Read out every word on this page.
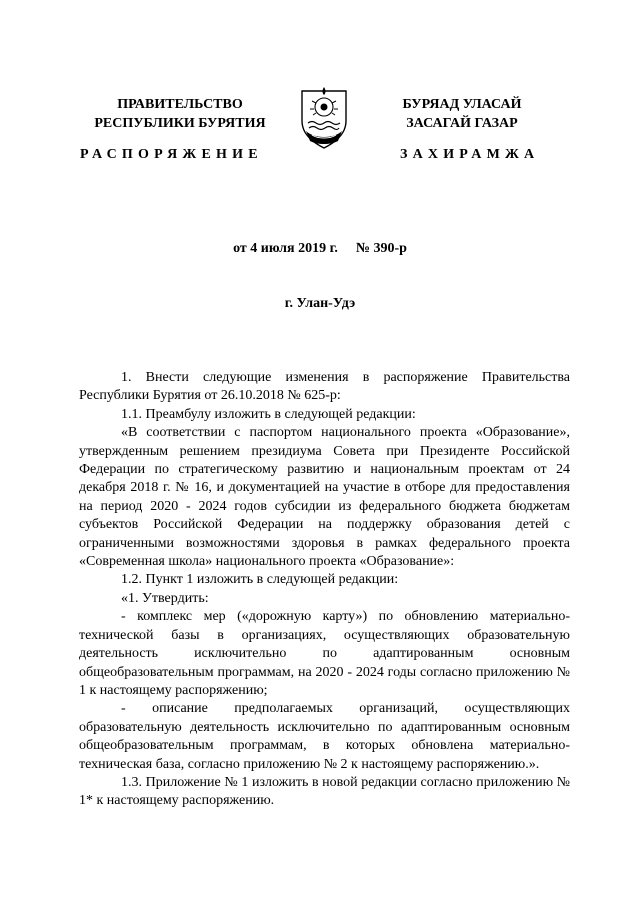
ПРАВИТЕЛЬСТВО
РЕСПУБЛИКИ БУРЯТИЯ
РАСПОРЯЖЕНИЕ
БУРЯАД УЛАСАЙ
ЗАСАГАЙ ГАЗАР
ЗАХИРАМЖА
от 4 июля 2019 г. № 390-р
г. Улан-Удэ

1. Внести следующие изменения в распоряжение Правительства Республики Бурятия от 26.10.2018 № 625-р:

1.1. Преамбулу изложить в следующей редакции:

«В соответствии с паспортом национального проекта «Образование», утвержденным решением президиума Совета при Президенте Российской Федерации по стратегическому развитию и национальным проектам от 24 декабря 2018 г. № 16, и документацией на участие в отборе для предоставления на период 2020 - 2024 годов субсидии из федерального бюджета бюджетам субъектов Российской Федерации на поддержку образования детей с ограниченными возможностями здоровья в рамках федерального проекта «Современная школа» национального проекта «Образование»:

1.2. Пункт 1 изложить в следующей редакции:

«1. Утвердить:

- комплекс мер («дорожную карту») по обновлению материально-технической базы в организациях, осуществляющих образовательную деятельность исключительно по адаптированным основным общеобразовательным программам, на 2020 - 2024 годы согласно приложению № 1 к настоящему распоряжению;

- описание предполагаемых организаций, осуществляющих образовательную деятельность исключительно по адаптированным основным общеобразовательным программам, в которых обновлена материально-техническая база, согласно приложению № 2 к настоящему распоряжению.».

1.3. Приложение № 1 изложить в новой редакции согласно приложению № 1* к настоящему распоряжению.
